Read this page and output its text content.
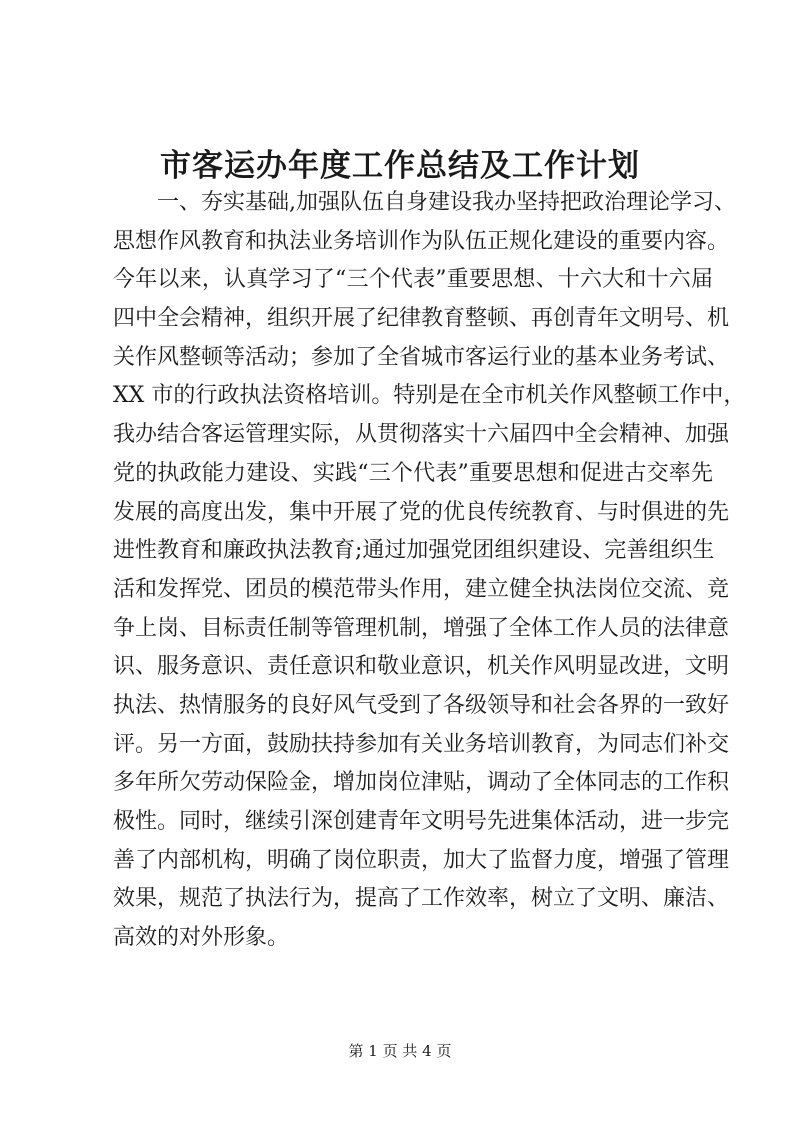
市客运办年度工作总结及工作计划
一、夯实基础,加强队伍自身建设我办坚持把政治理论学习、
思想作风教育和执法业务培训作为队伍正规化建设的重要内容。
今年以来，认真学习了“三个代表”重要思想、十六大和十六届
四中全会精神，组织开展了纪律教育整顿、再创青年文明号、机
关作风整顿等活动；参加了全省城市客运行业的基本业务考试、
XX 市的行政执法资格培训。特别是在全市机关作风整顿工作中，
我办结合客运管理实际，从贯彻落实十六届四中全会精神、加强
党的执政能力建设、实践“三个代表”重要思想和促进古交率先
发展的高度出发，集中开展了党的优良传统教育、与时俱进的先
进性教育和廉政执法教育;通过加强党团组织建设、完善组织生
活和发挥党、团员的模范带头作用，建立健全执法岗位交流、竞
争上岗、目标责任制等管理机制，增强了全体工作人员的法律意
识、服务意识、责任意识和敬业意识，机关作风明显改进，文明
执法、热情服务的良好风气受到了各级领导和社会各界的一致好
评。另一方面，鼓励扶持参加有关业务培训教育，为同志们补交
多年所欠劳动保险金，增加岗位津贴，调动了全体同志的工作积
极性。同时，继续引深创建青年文明号先进集体活动，进一步完
善了内部机构，明确了岗位职责，加大了监督力度，增强了管理
效果，规范了执法行为，提高了工作效率，树立了文明、廉洁、
高效的对外形象。
第 1 页 共 4 页
